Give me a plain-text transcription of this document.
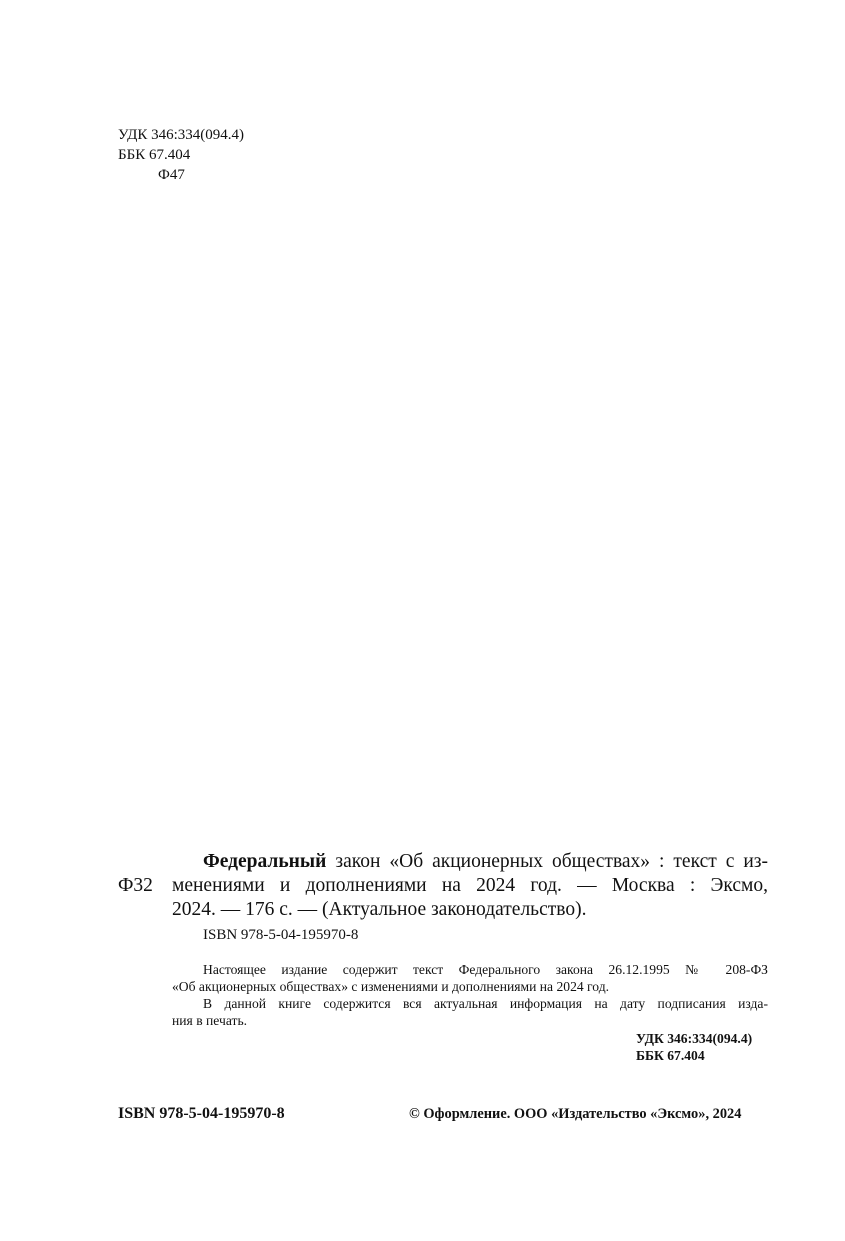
УДК 346:334(094.4)
ББК 67.404
Ф47
Ф32
Федеральный закон «Об акционерных обществах» : текст с из-
менениями и дополнениями на 2024 год. — Москва : Эксмо,
2024. — 176 с. — (Актуальное законодательство).
ISBN 978-5-04-195970-8
Настоящее издание содержит текст Федерального закона 26.12.1995 № 208-ФЗ
«Об акционерных обществах» с изменениями и дополнениями на 2024 год.
В данной книге содержится вся актуальная информация на дату подписания изда-
ния в печать.
УДК 346:334(094.4)
ББК 67.404
ISBN 978-5-04-195970-8	© Оформление. ООО «Издательство «Эксмо», 2024
